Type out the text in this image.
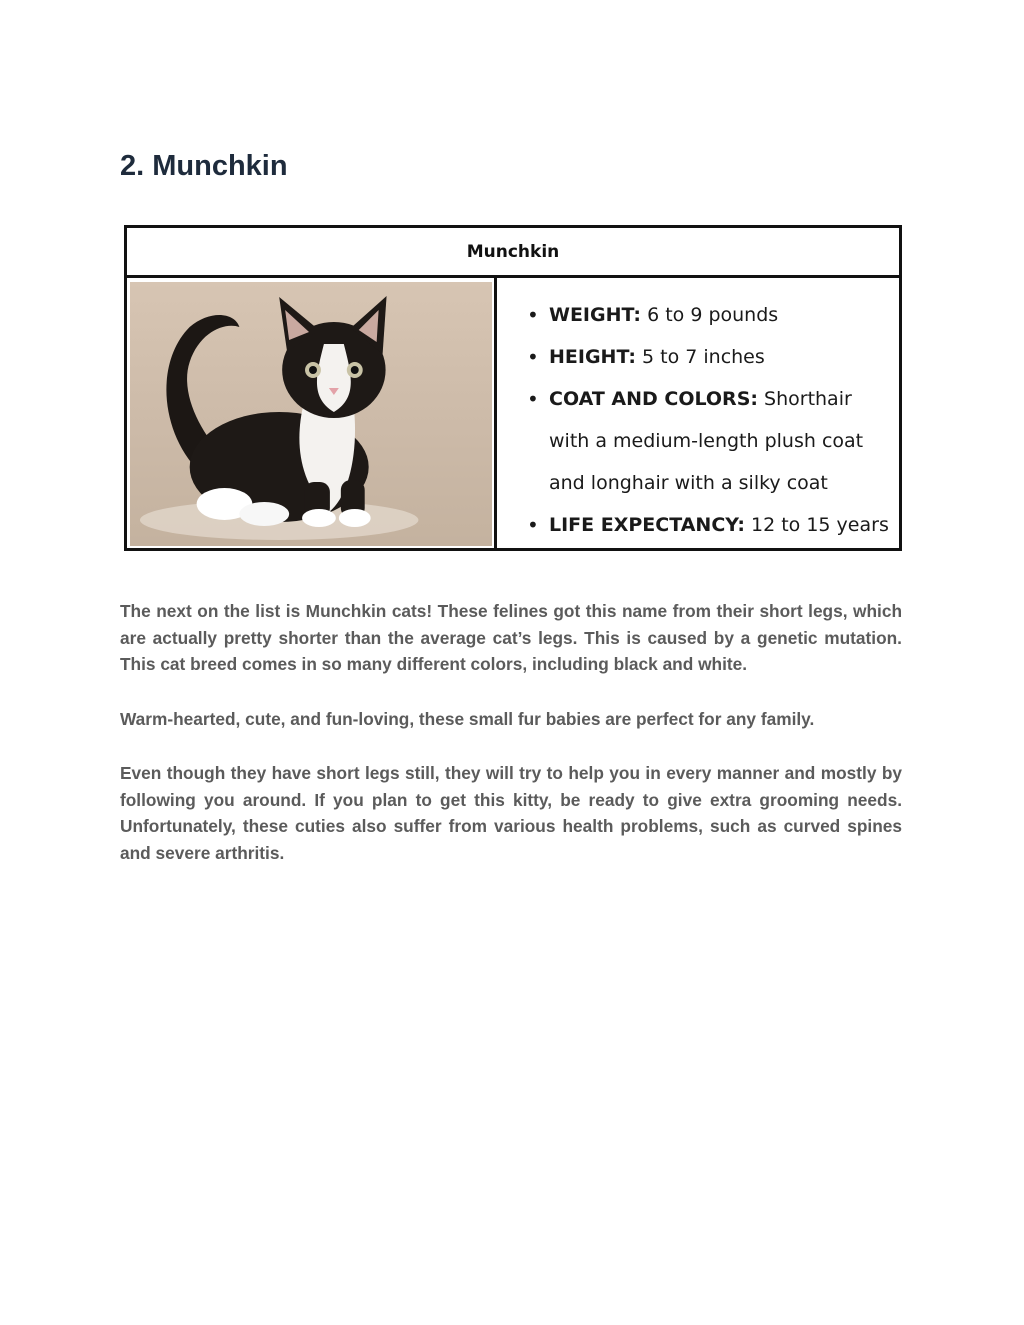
2. Munchkin
Munchkin
• WEIGHT: 6 to 9 pounds
• HEIGHT: 5 to 7 inches
• COAT AND COLORS: Shorthair with a medium-length plush coat and longhair with a silky coat
• LIFE EXPECTANCY: 12 to 15 years

The next on the list is Munchkin cats! These felines got this name from their short legs, which are actually pretty shorter than the average cat’s legs. This is caused by a genetic mutation. This cat breed comes in so many different colors, including black and white.

Warm-hearted, cute, and fun-loving, these small fur babies are perfect for any family.

Even though they have short legs still, they will try to help you in every manner and mostly by following you around. If you plan to get this kitty, be ready to give extra grooming needs. Unfortunately, these cuties also suffer from various health problems, such as curved spines and severe arthritis.
